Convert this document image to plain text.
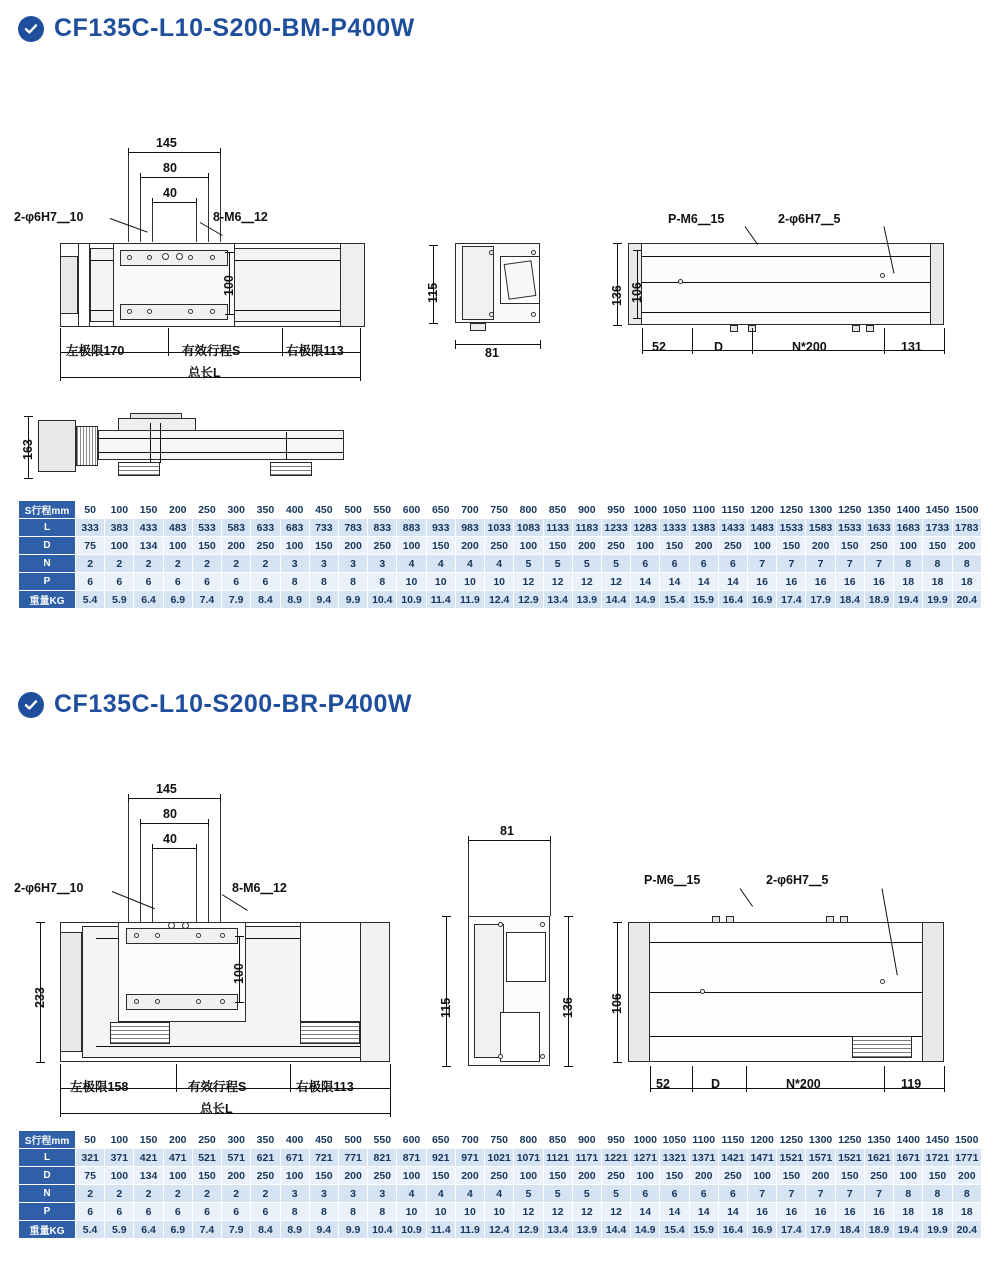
CF135C-L10-S200-BM-P400W
145
80
40
100
2-φ6H7⎽10	8-M6⎽12
左极限170	有效行程S	右极限113
总长L
115
81
136 106
P-M6⎽15	2-φ6H7⎽5
52	D	N*200	131
163
S行程mm	50	100	150	200	250	300	350	400	450	500	550	600	650	700	750	800	850	900	950	1000	1050	1100	1150	1200	1250	1300	1250	1350	1400	1450	1500
L	333	383	433	483	533	583	633	683	733	783	833	883	933	983	1033	1083	1133	1183	1233	1283	1333	1383	1433	1483	1533	1583	1533	1633	1683	1733	1783
D	75	100	134	100	150	200	250	100	150	200	250	100	150	200	250	100	150	200	250	100	150	200	250	100	150	200	150	250	100	150	200
N	2	2	2	2	2	2	2	3	3	3	3	4	4	4	4	5	5	5	5	6	6	6	6	7	7	7	7	7	8	8	8
P	6	6	6	6	6	6	6	8	8	8	8	10	10	10	10	12	12	12	12	14	14	14	14	16	16	16	16	16	18	18	18
重量KG	5.4	5.9	6.4	6.9	7.4	7.9	8.4	8.9	9.4	9.9	10.4	10.9	11.4	11.9	12.4	12.9	13.4	13.9	14.4	14.9	15.4	15.9	16.4	16.9	17.4	17.9	18.4	18.9	19.4	19.9	20.4
CF135C-L10-S200-BR-P400W
145
80
40
100
233
2-φ6H7⎽10	8-M6⎽12
左极限158	有效行程S	右极限113
总长L
81
115	136	106
P-M6⎽15	2-φ6H7⎽5
52	D	N*200	119
S行程mm	50	100	150	200	250	300	350	400	450	500	550	600	650	700	750	800	850	900	950	1000	1050	1100	1150	1200	1250	1300	1250	1350	1400	1450	1500
L	321	371	421	471	521	571	621	671	721	771	821	871	921	971	1021	1071	1121	1171	1221	1271	1321	1371	1421	1471	1521	1571	1521	1621	1671	1721	1771
D	75	100	134	100	150	200	250	100	150	200	250	100	150	200	250	100	150	200	250	100	150	200	250	100	150	200	150	250	100	150	200
N	2	2	2	2	2	2	2	3	3	3	3	4	4	4	4	5	5	5	5	6	6	6	6	7	7	7	7	7	8	8	8
P	6	6	6	6	6	6	6	8	8	8	8	10	10	10	10	12	12	12	12	14	14	14	14	16	16	16	16	16	18	18	18
重量KG	5.4	5.9	6.4	6.9	7.4	7.9	8.4	8.9	9.4	9.9	10.4	10.9	11.4	11.9	12.4	12.9	13.4	13.9	14.4	14.9	15.4	15.9	16.4	16.9	17.4	17.9	18.4	18.9	19.4	19.9	20.4
